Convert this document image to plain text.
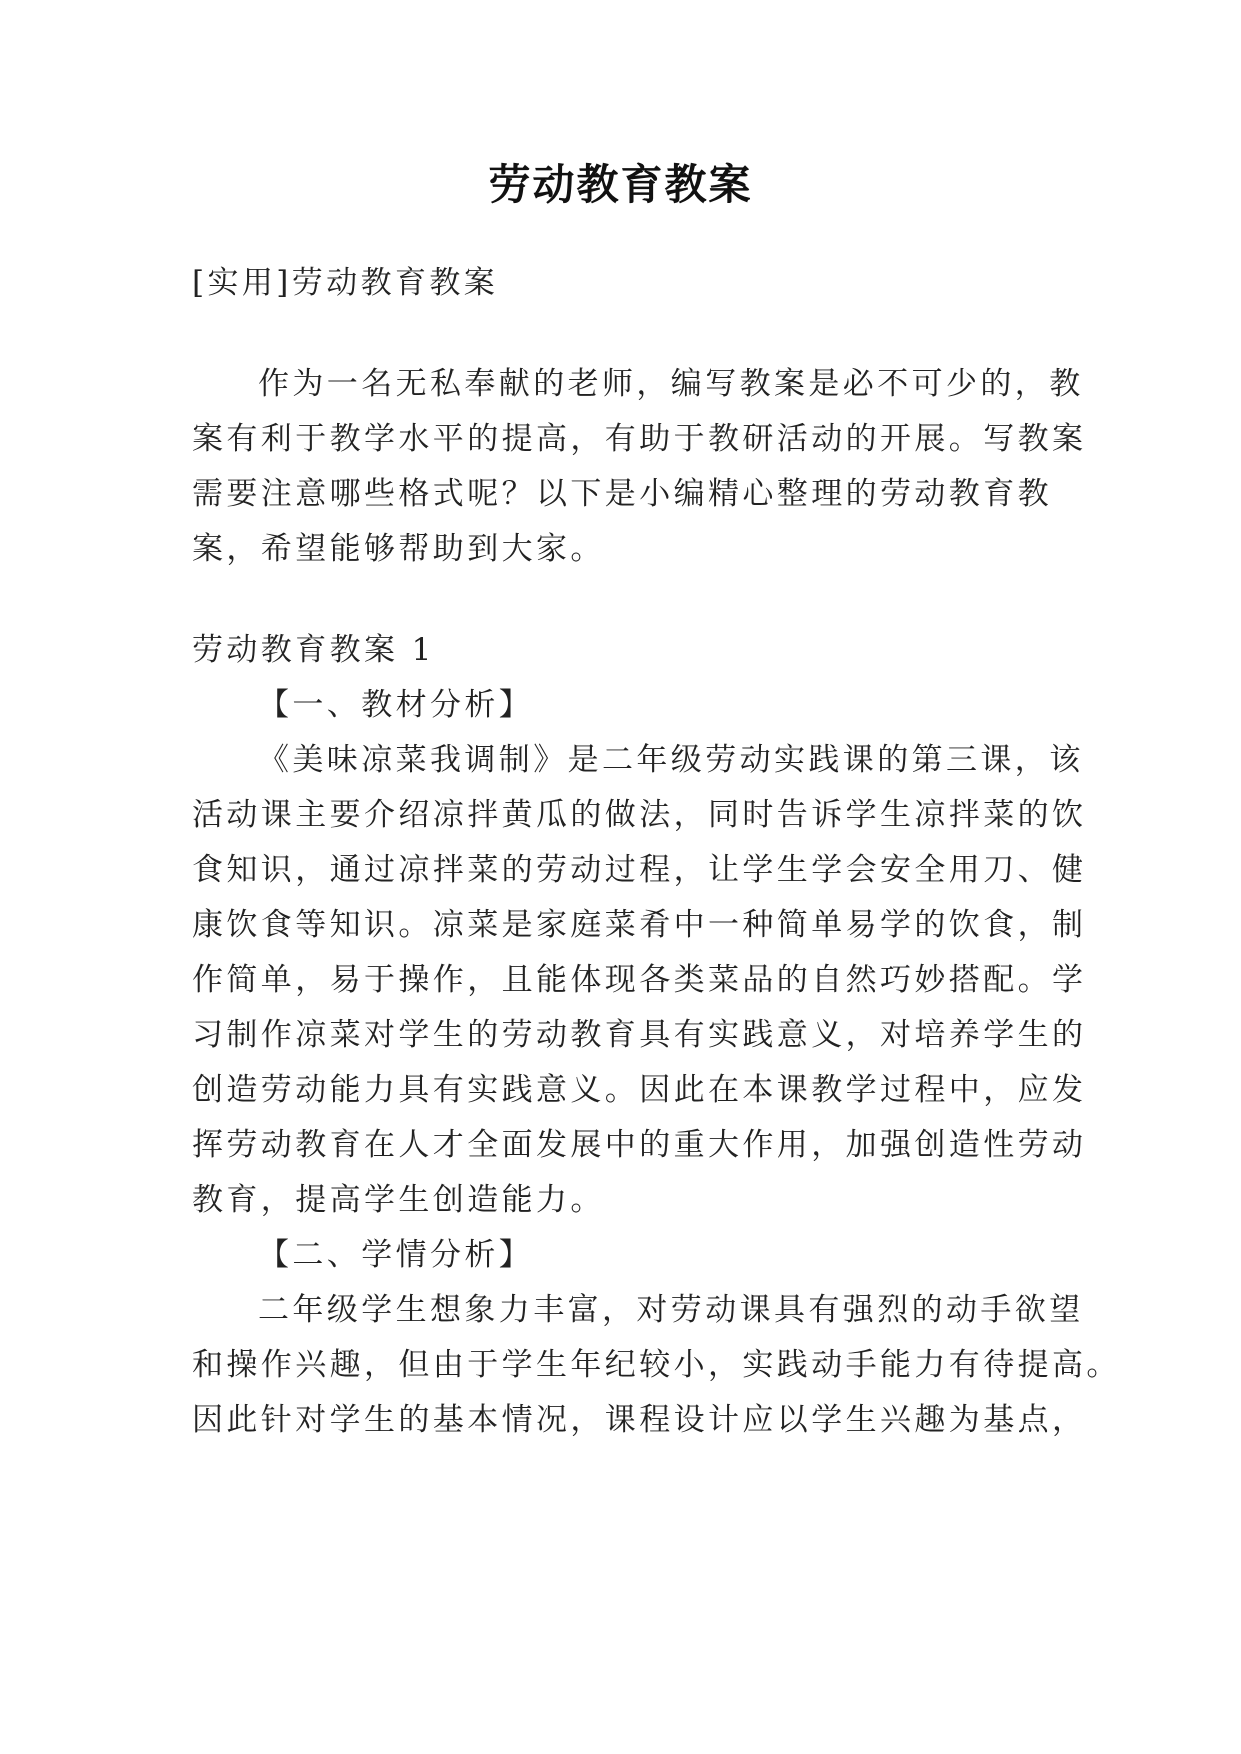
劳动教育教案
[实用]劳动教育教案
作为一名无私奉献的老师，编写教案是必不可少的，教
案有利于教学水平的提高，有助于教研活动的开展。写教案
需要注意哪些格式呢？以下是小编精心整理的劳动教育教
案，希望能够帮助到大家。
劳动教育教案 1
【一、教材分析】
《美味凉菜我调制》是二年级劳动实践课的第三课，该
活动课主要介绍凉拌黄瓜的做法，同时告诉学生凉拌菜的饮
食知识，通过凉拌菜的劳动过程，让学生学会安全用刀、健
康饮食等知识。凉菜是家庭菜肴中一种简单易学的饮食，制
作简单，易于操作，且能体现各类菜品的自然巧妙搭配。学
习制作凉菜对学生的劳动教育具有实践意义，对培养学生的
创造劳动能力具有实践意义。因此在本课教学过程中，应发
挥劳动教育在人才全面发展中的重大作用，加强创造性劳动
教育，提高学生创造能力。
【二、学情分析】
二年级学生想象力丰富，对劳动课具有强烈的动手欲望
和操作兴趣，但由于学生年纪较小，实践动手能力有待提高。
因此针对学生的基本情况，课程设计应以学生兴趣为基点，
